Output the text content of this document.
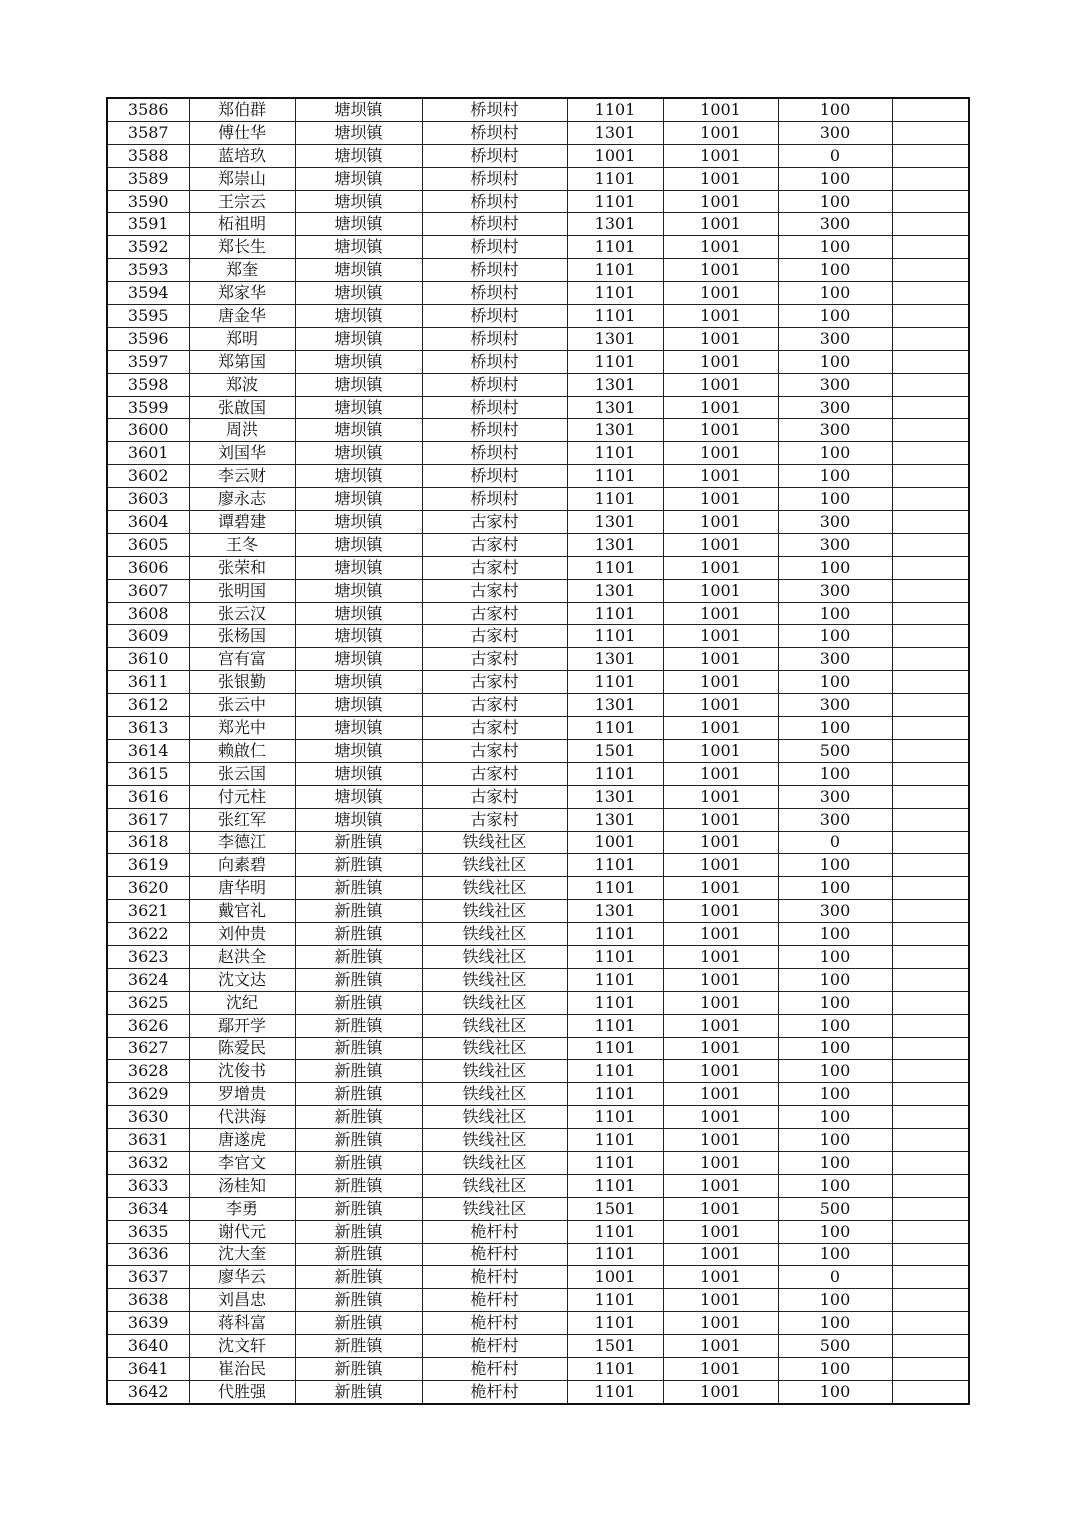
3586	郑伯群	塘坝镇	桥坝村	1101	1001	100	
3587	傅仕华	塘坝镇	桥坝村	1301	1001	300	
3588	蓝培玖	塘坝镇	桥坝村	1001	1001	0	
3589	郑崇山	塘坝镇	桥坝村	1101	1001	100	
3590	王宗云	塘坝镇	桥坝村	1101	1001	100	
3591	柘祖明	塘坝镇	桥坝村	1301	1001	300	
3592	郑长生	塘坝镇	桥坝村	1101	1001	100	
3593	郑奎	塘坝镇	桥坝村	1101	1001	100	
3594	郑家华	塘坝镇	桥坝村	1101	1001	100	
3595	唐金华	塘坝镇	桥坝村	1101	1001	100	
3596	郑明	塘坝镇	桥坝村	1301	1001	300	
3597	郑第国	塘坝镇	桥坝村	1101	1001	100	
3598	郑波	塘坝镇	桥坝村	1301	1001	300	
3599	张啟国	塘坝镇	桥坝村	1301	1001	300	
3600	周洪	塘坝镇	桥坝村	1301	1001	300	
3601	刘国华	塘坝镇	桥坝村	1101	1001	100	
3602	李云财	塘坝镇	桥坝村	1101	1001	100	
3603	廖永志	塘坝镇	桥坝村	1101	1001	100	
3604	谭碧建	塘坝镇	古家村	1301	1001	300	
3605	王冬	塘坝镇	古家村	1301	1001	300	
3606	张荣和	塘坝镇	古家村	1101	1001	100	
3607	张明国	塘坝镇	古家村	1301	1001	300	
3608	张云汉	塘坝镇	古家村	1101	1001	100	
3609	张杨国	塘坝镇	古家村	1101	1001	100	
3610	宫有富	塘坝镇	古家村	1301	1001	300	
3611	张银勤	塘坝镇	古家村	1101	1001	100	
3612	张云中	塘坝镇	古家村	1301	1001	300	
3613	郑光中	塘坝镇	古家村	1101	1001	100	
3614	赖啟仁	塘坝镇	古家村	1501	1001	500	
3615	张云国	塘坝镇	古家村	1101	1001	100	
3616	付元柱	塘坝镇	古家村	1301	1001	300	
3617	张红军	塘坝镇	古家村	1301	1001	300	
3618	李德江	新胜镇	铁线社区	1001	1001	0	
3619	向素碧	新胜镇	铁线社区	1101	1001	100	
3620	唐华明	新胜镇	铁线社区	1101	1001	100	
3621	戴官礼	新胜镇	铁线社区	1301	1001	300	
3622	刘仲贵	新胜镇	铁线社区	1101	1001	100	
3623	赵洪全	新胜镇	铁线社区	1101	1001	100	
3624	沈文达	新胜镇	铁线社区	1101	1001	100	
3625	沈纪	新胜镇	铁线社区	1101	1001	100	
3626	鄢开学	新胜镇	铁线社区	1101	1001	100	
3627	陈爱民	新胜镇	铁线社区	1101	1001	100	
3628	沈俊书	新胜镇	铁线社区	1101	1001	100	
3629	罗增贵	新胜镇	铁线社区	1101	1001	100	
3630	代洪海	新胜镇	铁线社区	1101	1001	100	
3631	唐遂虎	新胜镇	铁线社区	1101	1001	100	
3632	李官文	新胜镇	铁线社区	1101	1001	100	
3633	汤桂知	新胜镇	铁线社区	1101	1001	100	
3634	李勇	新胜镇	铁线社区	1501	1001	500	
3635	谢代元	新胜镇	桅杆村	1101	1001	100	
3636	沈大奎	新胜镇	桅杆村	1101	1001	100	
3637	廖华云	新胜镇	桅杆村	1001	1001	0	
3638	刘昌忠	新胜镇	桅杆村	1101	1001	100	
3639	蒋科富	新胜镇	桅杆村	1101	1001	100	
3640	沈文轩	新胜镇	桅杆村	1501	1001	500	
3641	崔治民	新胜镇	桅杆村	1101	1001	100	
3642	代胜强	新胜镇	桅杆村	1101	1001	100	
